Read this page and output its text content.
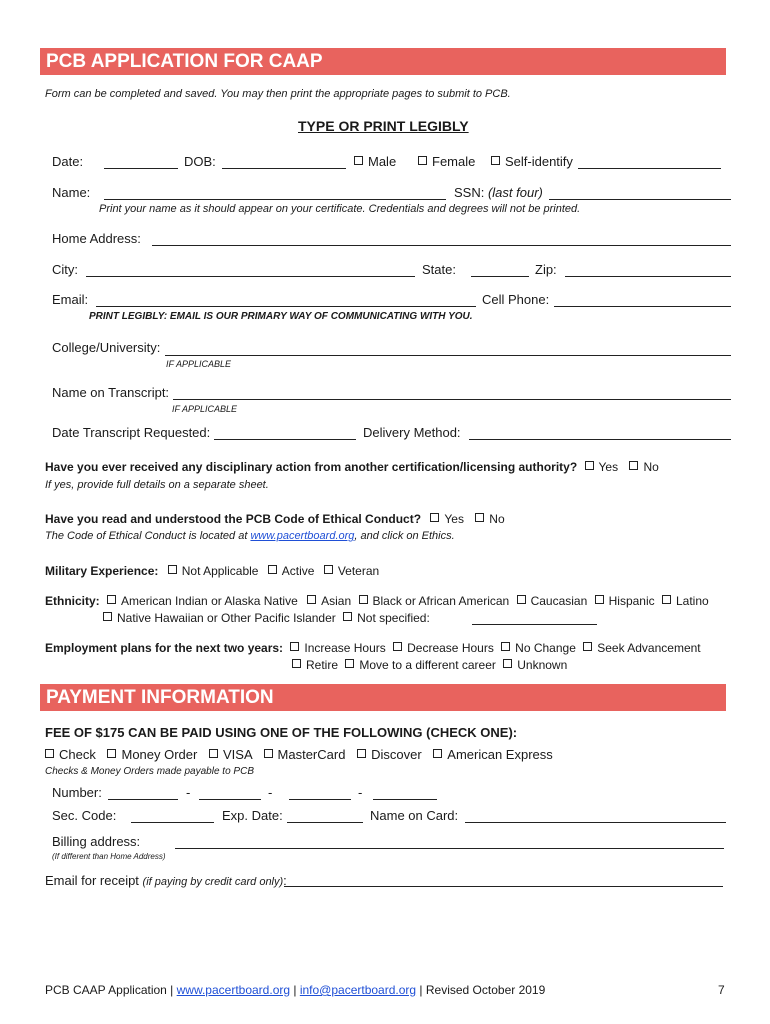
PCB APPLICATION FOR CAAP
Form can be completed and saved. You may then print the appropriate pages to submit to PCB.
TYPE OR PRINT LEGIBLY
Date:	DOB:	Male	Female	Self-identify
Name:	SSN: (last four)
Print your name as it should appear on your certificate. Credentials and degrees will not be printed.
Home Address:
City:	State:	Zip:
Email:	Cell Phone:
PRINT LEGIBLY: EMAIL IS OUR PRIMARY WAY OF COMMUNICATING WITH YOU.
College/University:
IF APPLICABLE
Name on Transcript:
IF APPLICABLE
Date Transcript Requested:	Delivery Method:
Have you ever received any disciplinary action from another certification/licensing authority? Yes No
If yes, provide full details on a separate sheet.
Have you read and understood the PCB Code of Ethical Conduct? Yes No
The Code of Ethical Conduct is located at www.pacertboard.org, and click on Ethics.
Military Experience: Not Applicable Active Veteran
Ethnicity: American Indian or Alaska Native Asian Black or African American Caucasian Hispanic Latino
Native Hawaiian or Other Pacific Islander Not specified:
Employment plans for the next two years: Increase Hours Decrease Hours No Change Seek Advancement
Retire Move to a different career Unknown
PAYMENT INFORMATION
FEE OF $175 CAN BE PAID USING ONE OF THE FOLLOWING (CHECK ONE):
Check Money Order VISA MasterCard Discover American Express
Checks & Money Orders made payable to PCB
Number:	-	-	-
Sec. Code:	Exp. Date:	Name on Card:
Billing address:
(If different than Home Address)
Email for receipt (if paying by credit card only):
PCB CAAP Application | www.pacertboard.org | info@pacertboard.org | Revised October 2019	7
